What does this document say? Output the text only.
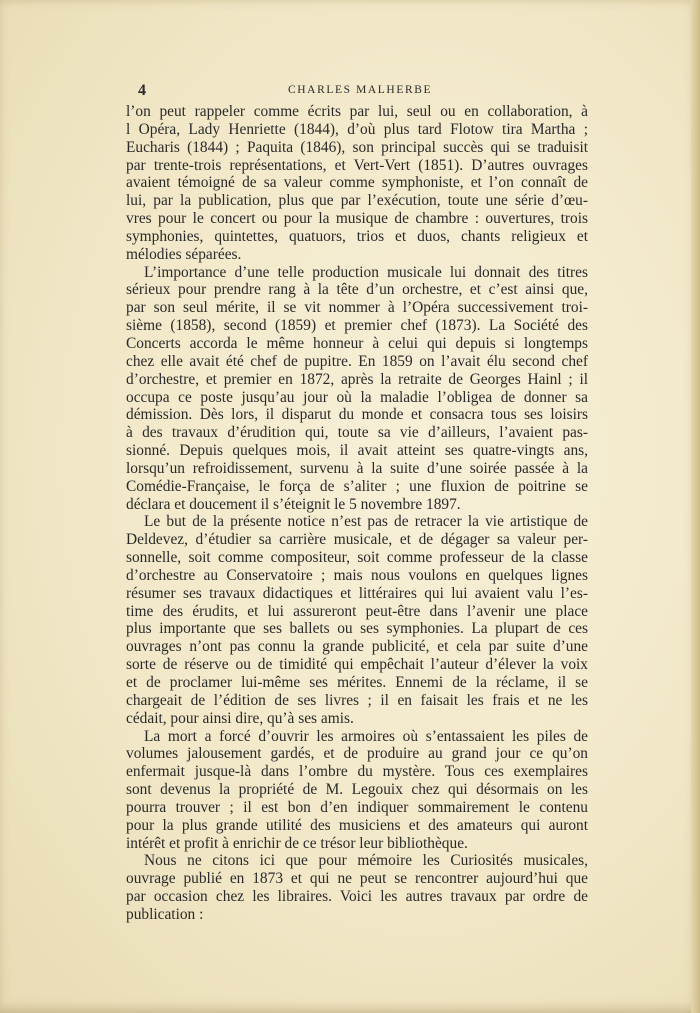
4	CHARLES MALHERBE

l’on peut rappeler comme écrits par lui, seul ou en collaboration, à
l Opéra, Lady Henriette (1844), d’où plus tard Flotow tira Martha ;
Eucharis (1844) ; Paquita (1846), son principal succès qui se traduisit
par trente-trois représentations, et Vert-Vert (1851). D’autres ouvrages
avaient témoigné de sa valeur comme symphoniste, et l’on connaît de
lui, par la publication, plus que par l’exécution, toute une série d’œu-
vres pour le concert ou pour la musique de chambre : ouvertures, trois
symphonies, quintettes, quatuors, trios et duos, chants religieux et
mélodies séparées.

L’importance d’une telle production musicale lui donnait des titres
sérieux pour prendre rang à la tête d’un orchestre, et c’est ainsi que,
par son seul mérite, il se vit nommer à l’Opéra successivement troi-
sième (1858), second (1859) et premier chef (1873). La Société des
Concerts accorda le même honneur à celui qui depuis si longtemps
chez elle avait été chef de pupitre. En 1859 on l’avait élu second chef
d’orchestre, et premier en 1872, après la retraite de Georges Hainl ; il
occupa ce poste jusqu’au jour où la maladie l’obligea de donner sa
démission. Dès lors, il disparut du monde et consacra tous ses loisirs
à des travaux d’érudition qui, toute sa vie d’ailleurs, l’avaient pas-
sionné. Depuis quelques mois, il avait atteint ses quatre-vingts ans,
lorsqu’un refroidissement, survenu à la suite d’une soirée passée à la
Comédie-Française, le força de s’aliter ; une fluxion de poitrine se
déclara et doucement il s’éteignit le 5 novembre 1897.

Le but de la présente notice n’est pas de retracer la vie artistique de
Deldevez, d’étudier sa carrière musicale, et de dégager sa valeur per-
sonnelle, soit comme compositeur, soit comme professeur de la classe
d’orchestre au Conservatoire ; mais nous voulons en quelques lignes
résumer ses travaux didactiques et littéraires qui lui avaient valu l’es-
time des érudits, et lui assureront peut-être dans l’avenir une place
plus importante que ses ballets ou ses symphonies. La plupart de ces
ouvrages n’ont pas connu la grande publicité, et cela par suite d’une
sorte de réserve ou de timidité qui empêchait l’auteur d’élever la voix
et de proclamer lui-même ses mérites. Ennemi de la réclame, il se
chargeait de l’édition de ses livres ; il en faisait les frais et ne les
cédait, pour ainsi dire, qu’à ses amis.

La mort a forcé d’ouvrir les armoires où s’entassaient les piles de
volumes jalousement gardés, et de produire au grand jour ce qu’on
enfermait jusque-là dans l’ombre du mystère. Tous ces exemplaires
sont devenus la propriété de M. Legouix chez qui désormais on les
pourra trouver ; il est bon d’en indiquer sommairement le contenu
pour la plus grande utilité des musiciens et des amateurs qui auront
intérêt et profit à enrichir de ce trésor leur bibliothèque.

Nous ne citons ici que pour mémoire les Curiosités musicales,
ouvrage publié en 1873 et qui ne peut se rencontrer aujourd’hui que
par occasion chez les libraires. Voici les autres travaux par ordre de
publication :
